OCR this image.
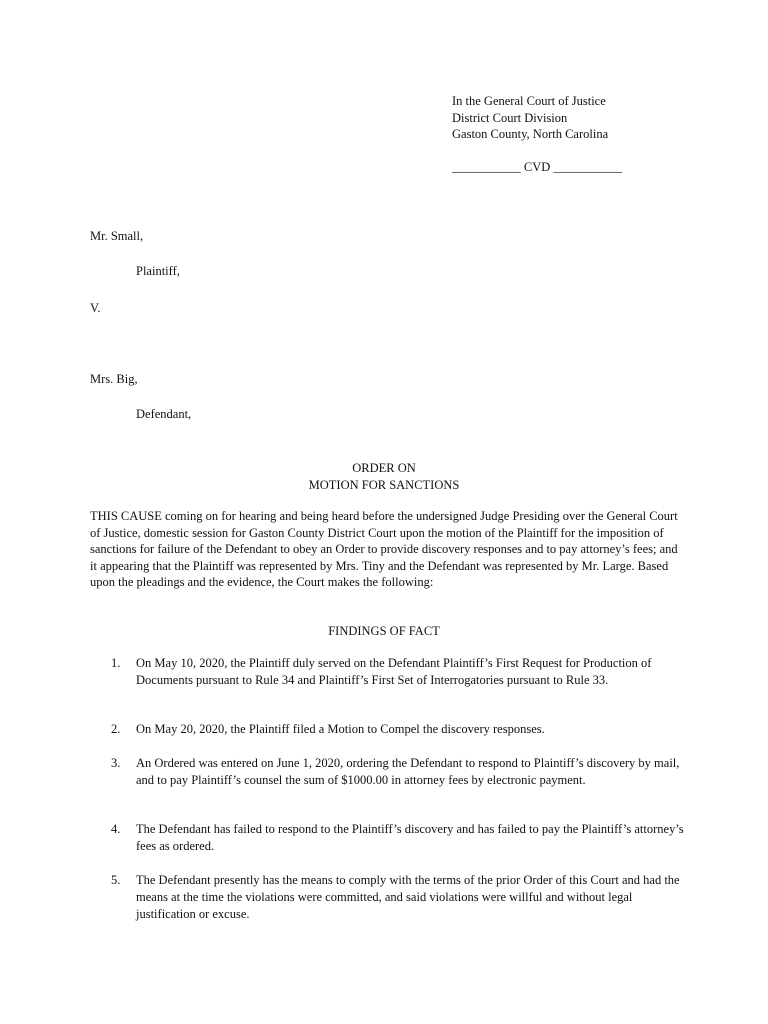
In the General Court of Justice
District Court Division
Gaston County, North Carolina
___________ CVD ___________
Mr. Small,
Plaintiff,
V.
Mrs. Big,
Defendant,
ORDER ON
MOTION FOR SANCTIONS
THIS CAUSE coming on for hearing and being heard before the undersigned Judge Presiding over the General Court of Justice, domestic session for Gaston County District Court upon the motion of the Plaintiff for the imposition of sanctions for failure of the Defendant to obey an Order to provide discovery responses and to pay attorney’s fees; and it appearing that the Plaintiff was represented by Mrs. Tiny and the Defendant was represented by Mr. Large. Based upon the pleadings and the evidence, the Court makes the following:
FINDINGS OF FACT
1.	On May 10, 2020, the Plaintiff duly served on the Defendant Plaintiff’s First Request for Production of Documents pursuant to Rule 34 and Plaintiff’s First Set of Interrogatories pursuant to Rule 33.
2.	On May 20, 2020, the Plaintiff filed a Motion to Compel the discovery responses.
3.	An Ordered was entered on June 1, 2020, ordering the Defendant to respond to Plaintiff’s discovery by mail, and to pay Plaintiff’s counsel the sum of $1000.00 in attorney fees by electronic payment.
4.	The Defendant has failed to respond to the Plaintiff’s discovery and has failed to pay the Plaintiff’s attorney’s fees as ordered.
5.	The Defendant presently has the means to comply with the terms of the prior Order of this Court and had the means at the time the violations were committed, and said violations were willful and without legal justification or excuse.
